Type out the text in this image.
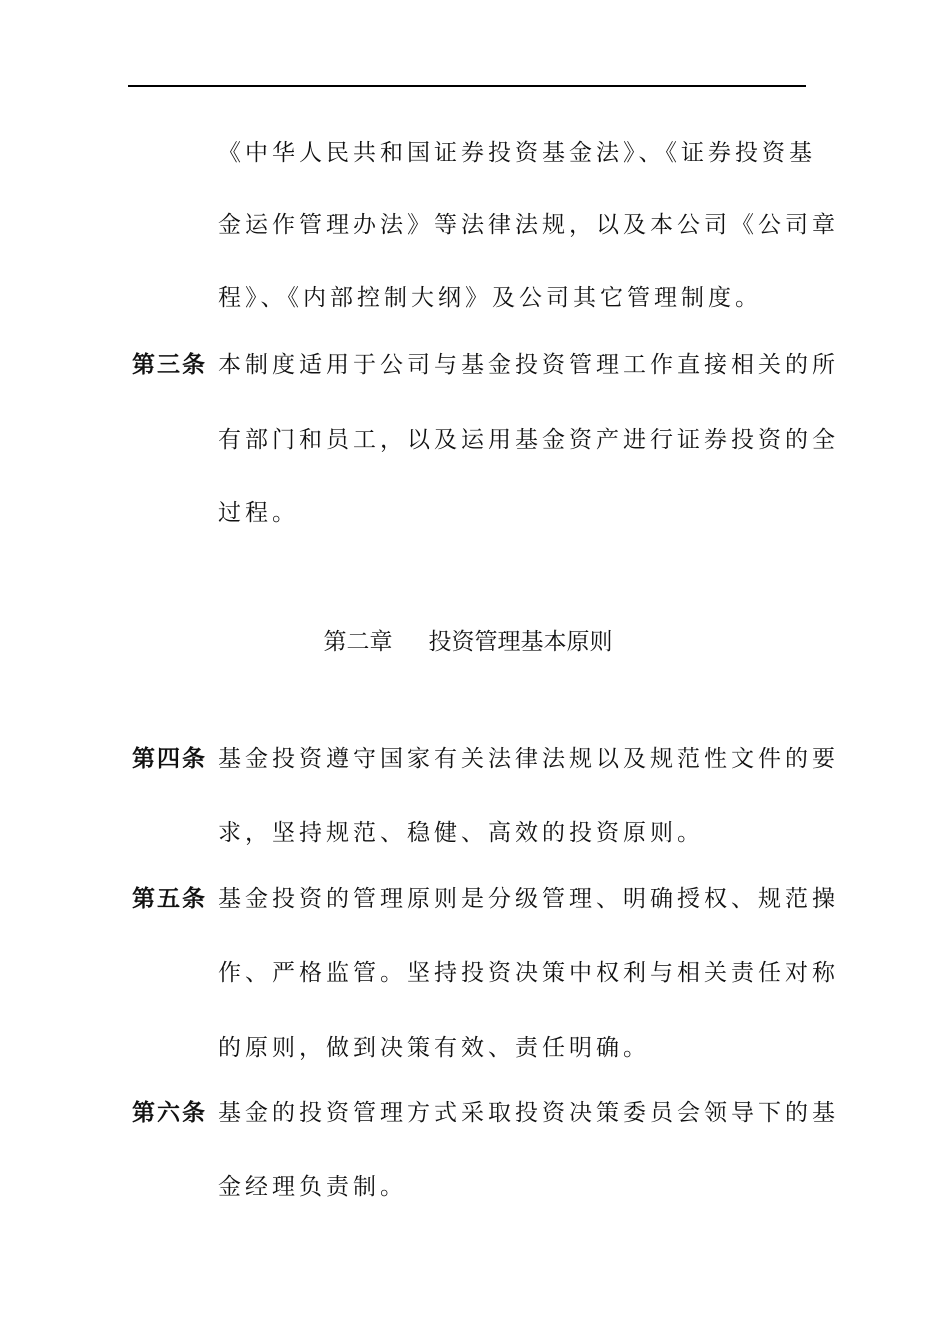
《中华人民共和国证券投资基金法》、《证券投资基
金运作管理办法》等法律法规，以及本公司《公司章
程》、《内部控制大纲》及公司其它管理制度。
第三条 本制度适用于公司与基金投资管理工作直接相关的所
有部门和员工，以及运用基金资产进行证券投资的全
过程。
第二章 投资管理基本原则
第四条 基金投资遵守国家有关法律法规以及规范性文件的要
求，坚持规范、稳健、高效的投资原则。
第五条 基金投资的管理原则是分级管理、明确授权、规范操
作、严格监管。坚持投资决策中权利与相关责任对称
的原则，做到决策有效、责任明确。
第六条 基金的投资管理方式采取投资决策委员会领导下的基
金经理负责制。
